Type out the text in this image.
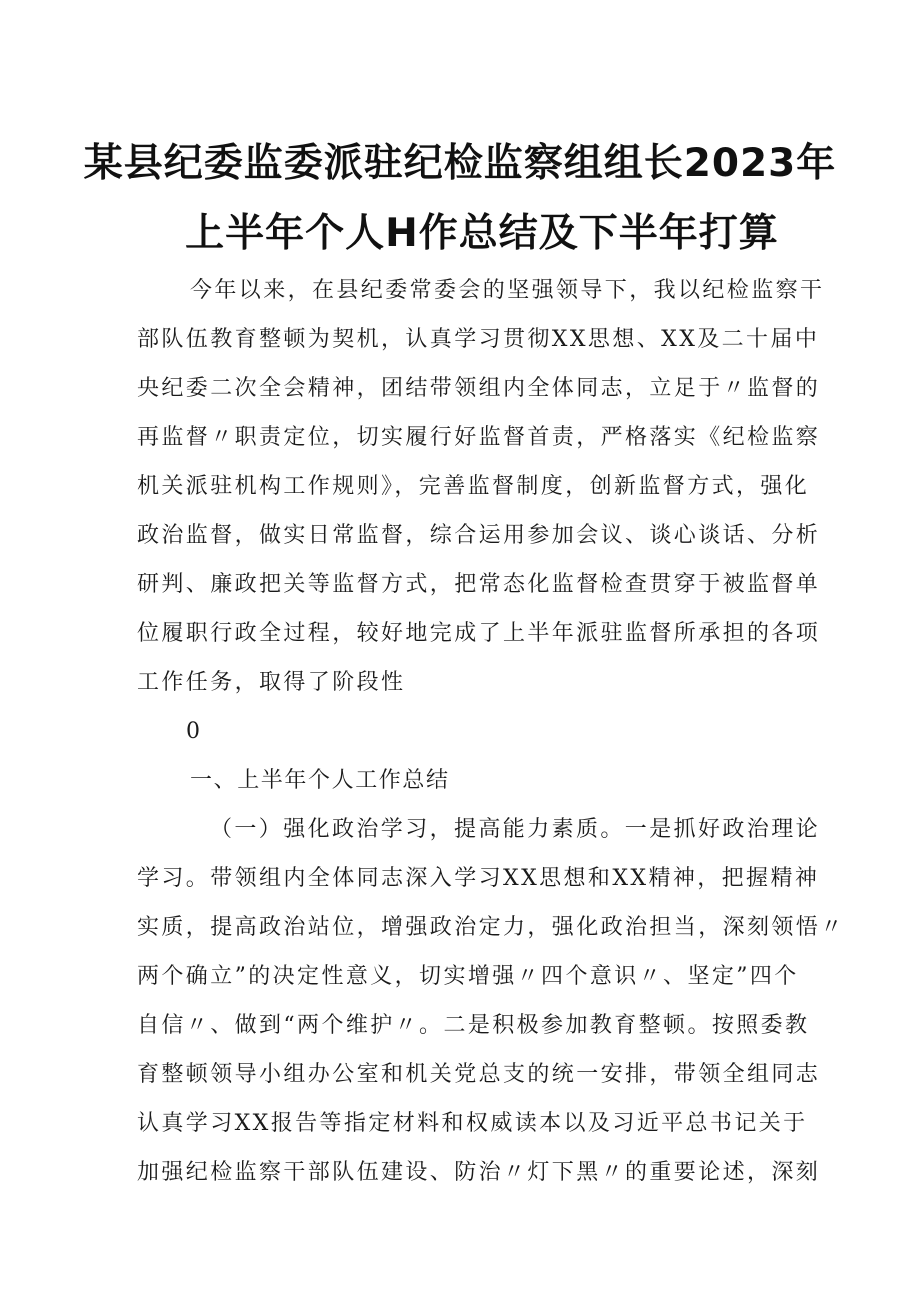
某县纪委监委派驻纪检监察组组长2023年
上半年个人H作总结及下半年打算
今年以来，在县纪委常委会的坚强领导下，我以纪检监察干
部队伍教育整顿为契机，认真学习贯彻XX思想、XX及二十届中
央纪委二次全会精神，团结带领组内全体同志，立足于〃监督的
再监督〃职责定位，切实履行好监督首责，严格落实《纪检监察
机关派驻机构工作规则》，完善监督制度，创新监督方式，强化
政治监督，做实日常监督，综合运用参加会议、谈心谈话、分析
研判、廉政把关等监督方式，把常态化监督检查贯穿于被监督单
位履职行政全过程，较好地完成了上半年派驻监督所承担的各项
工作任务，取得了阶段性
0
一、上半年个人工作总结
（一）强化政治学习，提高能力素质。一是抓好政治理论
学习。带领组内全体同志深入学习XX思想和XX精神，把握精神
实质，提高政治站位，增强政治定力，强化政治担当，深刻领悟〃
两个确立”的决定性意义，切实增强〃四个意识〃、坚定”四个
自信〃、做到“两个维护〃。二是积极参加教育整顿。按照委教
育整顿领导小组办公室和机关党总支的统一安排，带领全组同志
认真学习XX报告等指定材料和权威读本以及习近平总书记关于
加强纪检监察干部队伍建设、防治〃灯下黑〃的重要论述，深刻
